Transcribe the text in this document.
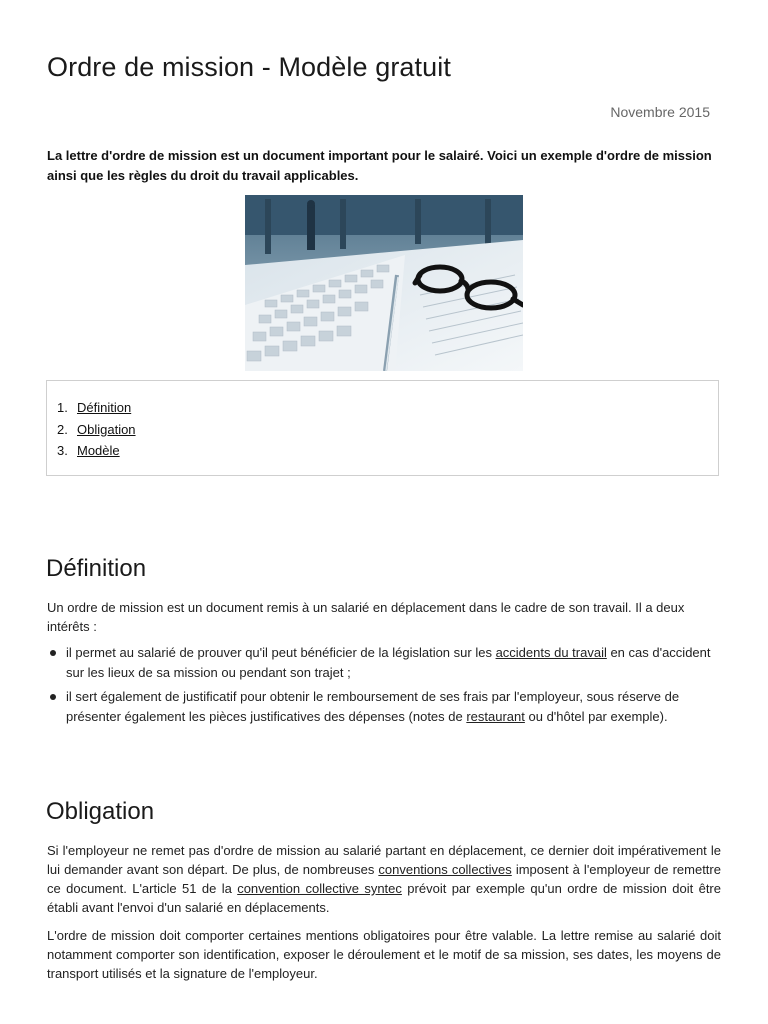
Ordre de mission - Modèle gratuit
Novembre 2015

La lettre d'ordre de mission est un document important pour le salairé. Voici un exemple d'ordre de mission ainsi que les règles du droit du travail applicables.

1. Définition
2. Obligation
3. Modèle
Définition

Un ordre de mission est un document remis à un salarié en déplacement dans le cadre de son travail. Il a deux intérêts :

il permet au salarié de prouver qu'il peut bénéficier de la législation sur les accidents du travail en cas d'accident sur les lieux de sa mission ou pendant son trajet ;
il sert également de justificatif pour obtenir le remboursement de ses frais par l'employeur, sous réserve de présenter également les pièces justificatives des dépenses (notes de restaurant ou d'hôtel par exemple).
Obligation

Si l'employeur ne remet pas d'ordre de mission au salarié partant en déplacement, ce dernier doit impérativement le lui demander avant son départ. De plus, de nombreuses conventions collectives imposent à l'employeur de remettre ce document. L'article 51 de la convention collective syntec prévoit par exemple qu'un ordre de mission doit être établi avant l'envoi d'un salarié en déplacements.

L'ordre de mission doit comporter certaines mentions obligatoires pour être valable. La lettre remise au salarié doit notamment comporter son identification, exposer le déroulement et le motif de sa mission, ses dates, les moyens de transport utilisés et la signature de l'employeur.
